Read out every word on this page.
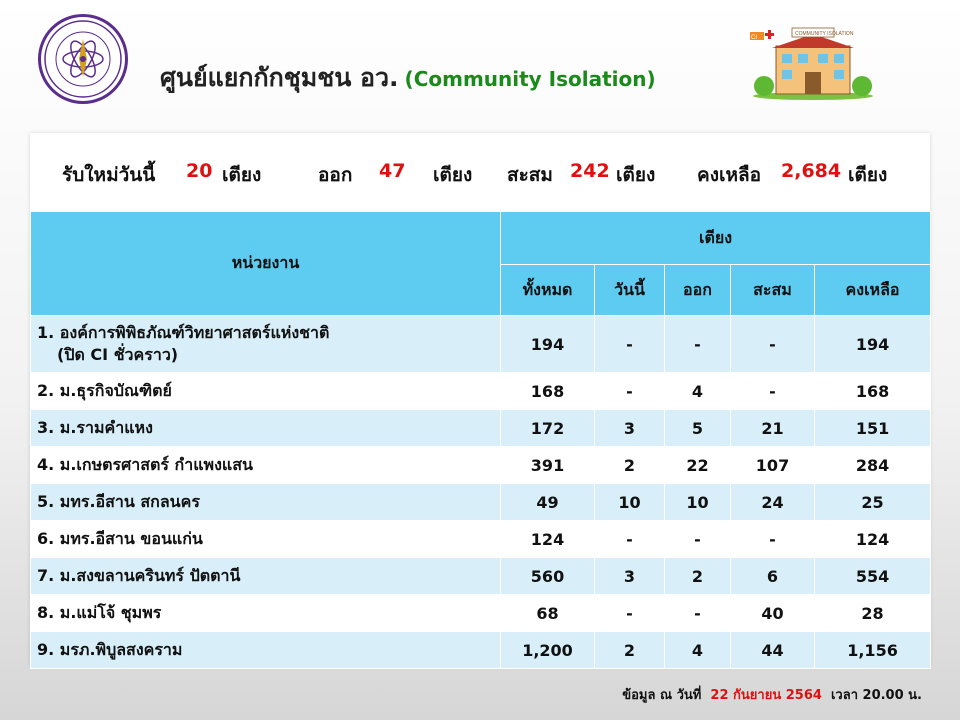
ศูนย์แยกกักชุมชน อว. (Community Isolation)
CI
COMMUNITY ISOLATION
รับใหม่วันนี้ 20 เตียง	ออก 47 เตียง สะสม 242 เตียง คงเหลือ 2,684 เตียง
หน่วยงาน	เตียง				
	ทั้งหมด	วันนี้	ออก	สะสม	คงเหลือ
1. องค์การพิพิธภัณฑ์วิทยาศาสตร์แห่งชาติ
(ปิด CI ชั่วคราว)	194	-	-	-	194
2. ม.ธุรกิจบัณฑิตย์	168	-	4	-	168
3. ม.รามคำแหง	172	3	5	21	151
4. ม.เกษตรศาสตร์ กำแพงแสน	391	2	22	107	284
5. มทร.อีสาน สกลนคร	49	10	10	24	25
6. มทร.อีสาน ขอนแก่น	124	-	-	-	124
7. ม.สงขลานครินทร์ ปัตตานี	560	3	2	6	554
8. ม.แม่โจ้ ชุมพร	68	-	-	40	28
9. มรภ.พิบูลสงคราม	1,200	2	4	44	1,156
ข้อมูล ณ วันที่ 22 กันยายน 2564 เวลา 20.00 น.
